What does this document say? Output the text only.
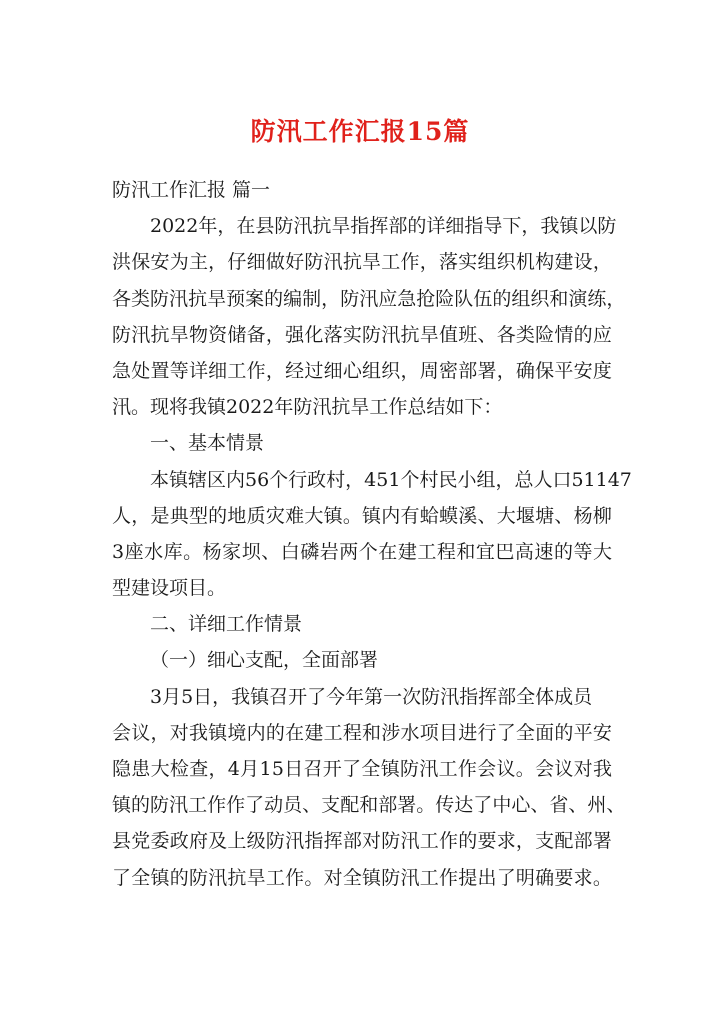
防汛工作汇报15篇
防汛工作汇报 篇一
2022年，在县防汛抗旱指挥部的详细指导下，我镇以防
洪 保 安 为 主 ， 仔 细 做 好 防 汛 抗 旱 工 作 ， 落 实 组 织 机 构 建 设 ，
各 类 防 汛 抗 旱 预 案 的 编 制 ， 防 汛 应 急 抢 险 队 伍 的 组 织 和 演 练 ，
防 汛 抗 旱 物 资 储 备 ， 强 化 落 实 防 汛 抗 旱 值 班 、 各 类 险 情 的 应
急 处 置 等 详 细 工 作 ， 经 过 细 心 组 织 ， 周 密 部 署 ， 确 保 平 安 度
汛。现将我镇2022年防汛抗旱工作总结如下：
一、基本情景
本镇辖区内56个行政村，451个村民小组，总人口51147
人 ， 是 典 型 的 地 质 灾 难 大 镇 。 镇 内 有 蛤 蟆 溪 、 大 堰 塘 、 杨 柳
3 座 水 库 。 杨 家 坝 、 白 磷 岩 两 个 在 建 工 程 和 宜 巴 高 速 的 等 大
型建设项目。
二、详细工作情景
（一）细心支配，全面部署
3月5日，我镇召开了今年第一次防汛指挥部全体成员
会 议 ， 对 我 镇 境 内 的 在 建 工 程 和 涉 水 项 目 进 行 了 全 面 的 平 安
隐 患 大 检 查 ， 4 月 1 5 日 召 开 了 全 镇 防 汛 工 作 会 议 。 会 议 对 我
镇 的 防 汛 工 作 作 了 动 员 、 支 配 和 部 署 。 传 达 了 中 心 、 省 、 州 、
县 党 委 政 府 及 上 级 防 汛 指 挥 部 对 防 汛 工 作 的 要 求 ， 支 配 部 署
了 全 镇 的 防 汛 抗 旱 工 作 。 对 全 镇 防 汛 工 作 提 出 了 明 确 要 求 。
